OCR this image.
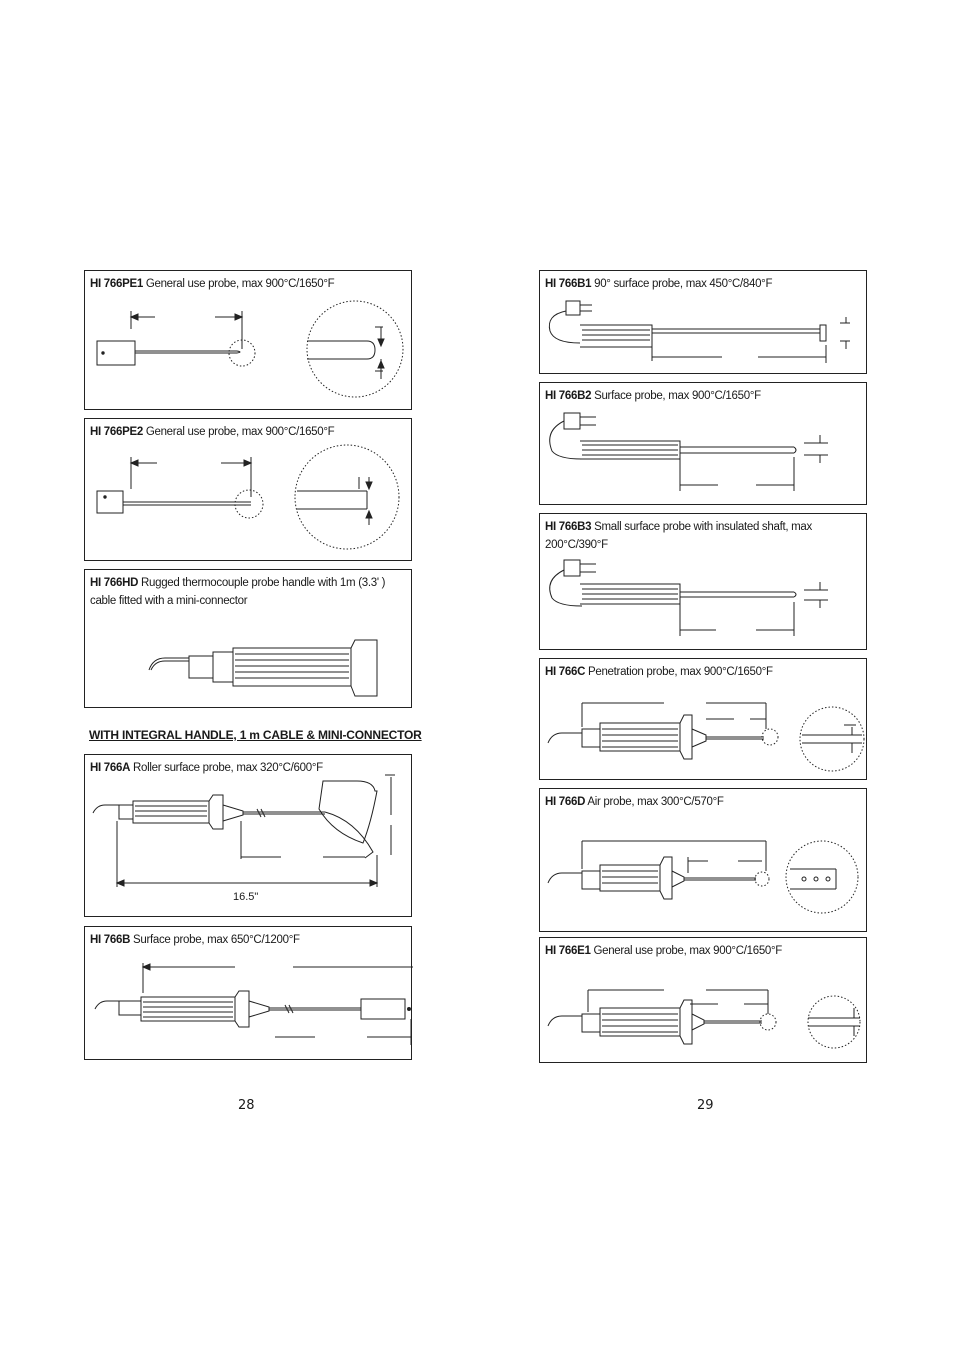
HI 766PE1 General use probe, max 900°C/1650°F
HI 766PE2 General use probe, max 900°C/1650°F
HI 766HD Rugged thermocouple probe handle with 1m (3.3' ) cable fitted with a mini-connector
WITH INTEGRAL HANDLE, 1 m CABLE & MINI-CONNECTOR
HI 766A Roller surface probe, max 320°C/600°F
16.5"
HI 766B Surface probe, max 650°C/1200°F
28
HI 766B1 90° surface probe, max 450°C/840°F
HI 766B2 Surface probe, max 900°C/1650°F
HI 766B3 Small surface probe with insulated shaft, max 200°C/390°F
HI 766C Penetration probe, max 900°C/1650°F
HI 766D Air probe, max 300°C/570°F
HI 766E1 General use probe, max 900°C/1650°F
29
